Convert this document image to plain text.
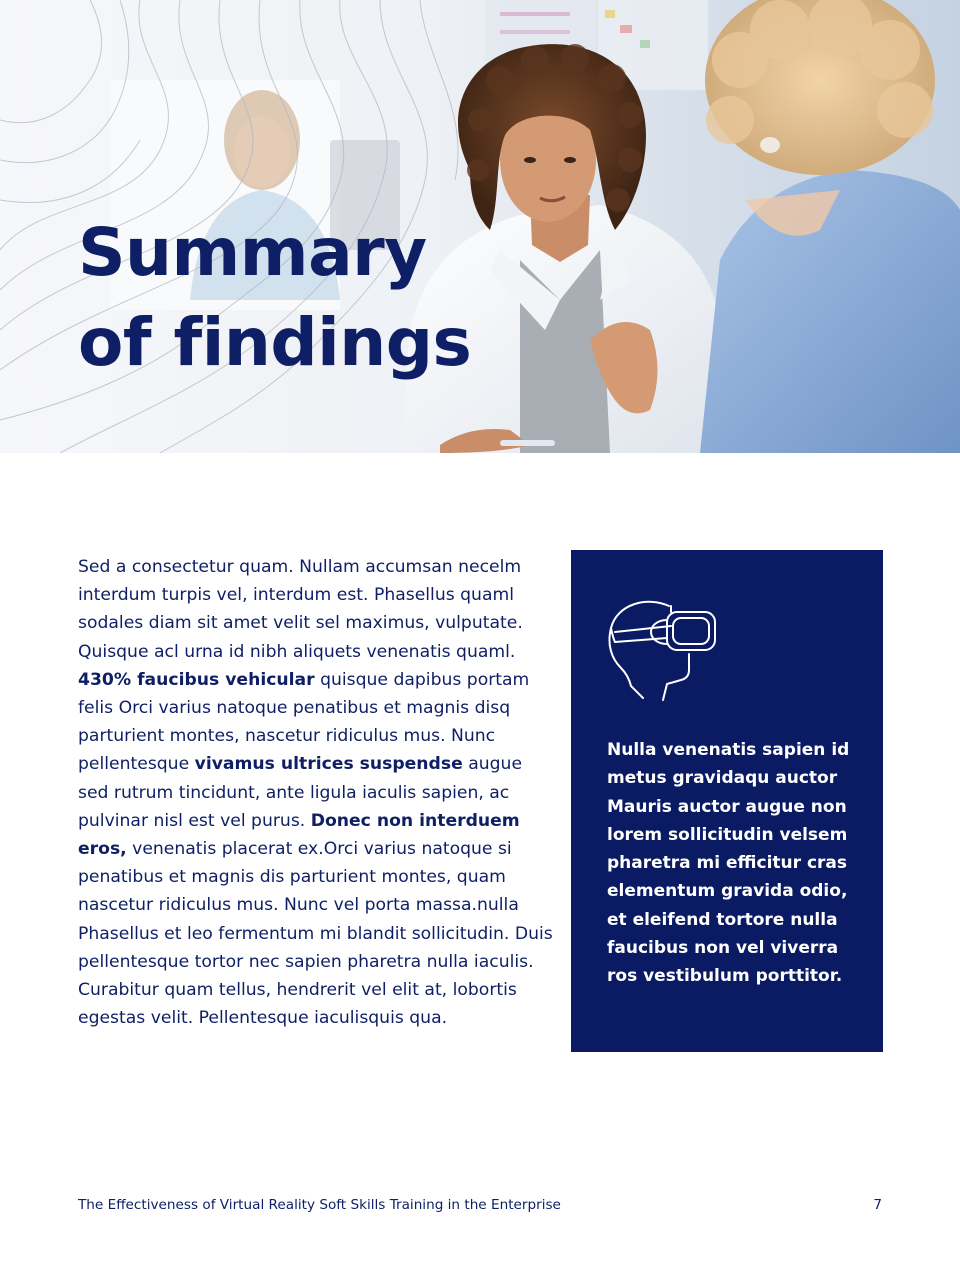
Summary
of findings

Sed a consectetur quam. Nullam accumsan necelm interdum turpis vel, interdum est. Phasellus quaml sodales diam sit amet velit sel maximus, vulputate. Quisque acl urna id nibh aliquets venenatis quaml. 430% faucibus vehicular quisque dapibus portam felis Orci varius natoque penatibus et magnis disq parturient montes, nascetur ridiculus mus. Nunc pellentesque vivamus ultrices suspendse augue sed rutrum tincidunt, ante ligula iaculis sapien, ac pulvinar nisl est vel purus. Donec non interduem eros, venenatis placerat ex.Orci varius natoque si penatibus et magnis dis parturient montes, quam nascetur ridiculus mus. Nunc vel porta massa.nulla Phasellus et leo fermentum mi blandit sollicitudin. Duis pellentesque tortor nec sapien pharetra nulla iaculis. Curabitur quam tellus, hendrerit vel elit at, lobortis egestas velit. Pellentesque iaculisquis qua.

Nulla venenatis sapien id metus gravidaqu auctor Mauris auctor augue non lorem sollicitudin velsem pharetra mi efficitur cras elementum gravida odio, et eleifend tortore nulla faucibus non vel viverra ros vestibulum porttitor.

The Effectiveness of Virtual Reality Soft Skills Training in the Enterprise	7
